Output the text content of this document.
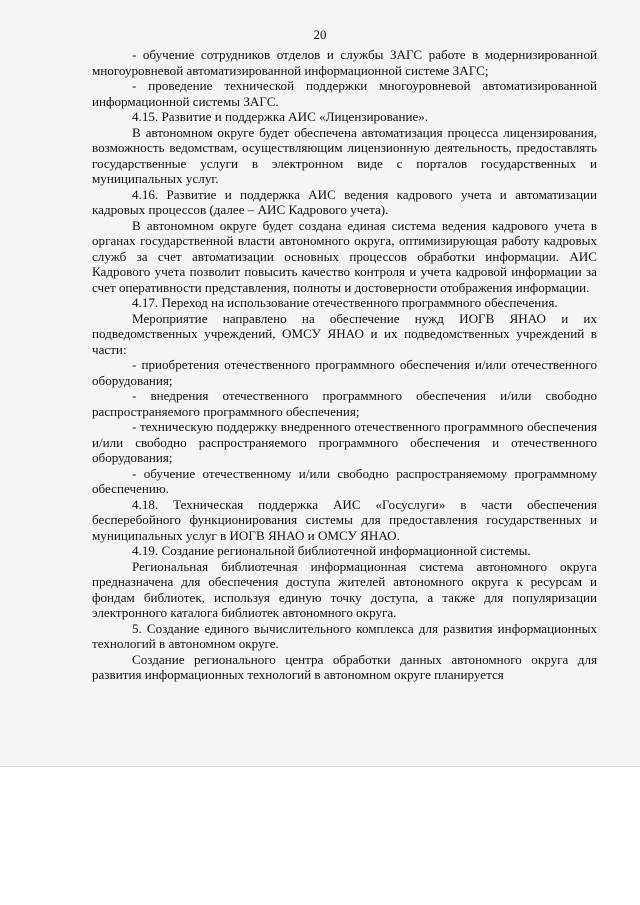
20

- обучение сотрудников отделов и службы ЗАГС работе в модернизированной многоуровневой автоматизированной информационной системе ЗАГС;

- проведение технической поддержки многоуровневой автоматизированной информационной системы ЗАГС.

4.15. Развитие и поддержка АИС «Лицензирование».

В автономном округе будет обеспечена автоматизация процесса лицензирования, возможность ведомствам, осуществляющим лицензионную деятельность, предоставлять государственные услуги в электронном виде с порталов государственных и муниципальных услуг.

4.16. Развитие и поддержка АИС ведения кадрового учета и автоматизации кадровых процессов (далее – АИС Кадрового учета).

В автономном округе будет создана единая система ведения кадрового учета в органах государственной власти автономного округа, оптимизирующая работу кадровых служб за счет автоматизации основных процессов обработки информации. АИС Кадрового учета позволит повысить качество контроля и учета кадровой информации за счет оперативности представления, полноты и достоверности отображения информации.

4.17. Переход на использование отечественного программного обеспечения.

Мероприятие направлено на обеспечение нужд ИОГВ ЯНАО и их подведомственных учреждений, ОМСУ ЯНАО и их подведомственных учреждений в части:

- приобретения отечественного программного обеспечения и/или отечественного оборудования;

- внедрения отечественного программного обеспечения и/или свободно распространяемого программного обеспечения;

- техническую поддержку внедренного отечественного программного обеспечения и/или свободно распространяемого программного обеспечения и отечественного оборудования;

- обучение отечественному и/или свободно распространяемому программному обеспечению.

4.18. Техническая поддержка АИС «Госуслуги» в части обеспечения бесперебойного функционирования системы для предоставления государственных и муниципальных услуг в ИОГВ ЯНАО и ОМСУ ЯНАО.

4.19. Создание региональной библиотечной информационной системы.

Региональная библиотечная информационная система автономного округа предназначена для обеспечения доступа жителей автономного округа к ресурсам и фондам библиотек, используя единую точку доступа, а также для популяризации электронного каталога библиотек автономного округа.

5. Создание единого вычислительного комплекса для развития информационных технологий в автономном округе.

Создание регионального центра обработки данных автономного округа для развития информационных технологий в автономном округе планируется
